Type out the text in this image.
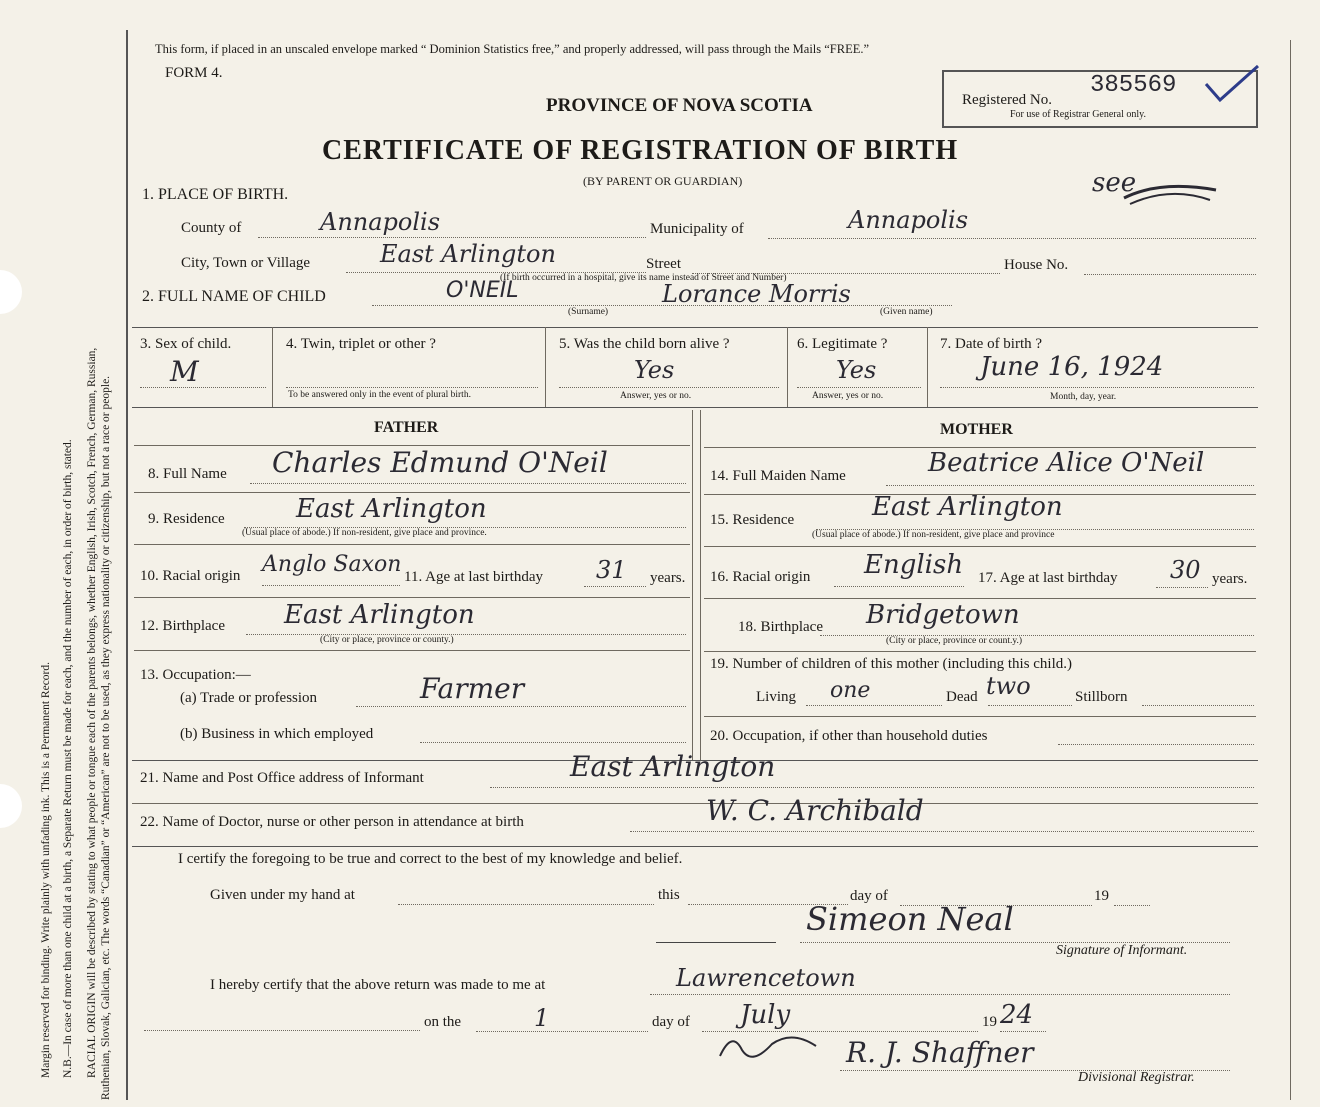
Margin reserved for binding. Write plainly with unfading ink. This is a Permanent Record. N.B.—In case of more than one child at a birth, a Separate Return must be made for each, and the number of each, in order of birth, stated. RACIAL ORIGIN will be described by stating to what people or tongue each of the parents belongs, whether English, Irish, Scotch, French, German, Russian, Ruthenian, Slovak, Galician, etc. The words “Canadian” or “American” are not to be used, as they express nationality or citizenship, but not a race or people.
This form, if placed in an unscaled envelope marked “ Dominion Statistics free,” and properly addressed, will pass through the Mails “FREE.”
FORM 4.
PROVINCE OF NOVA SCOTIA
CERTIFICATE OF REGISTRATION OF BIRTH
(BY PARENT OR GUARDIAN)
Registered No.
385569
For use of Registrar General only.
1. PLACE OF BIRTH.	see
County of	Annapolis	Municipality of	Annapolis
City, Town or Village	East Arlington	Street	House No.
(If birth occurred in a hospital, give its name instead of Street and Number)
2. FULL NAME OF CHILD	O'NEIL	Lorance Morris
(Surname)	(Given name)
3. Sex of child.
M
4. Twin, triplet or other ?
To be answered only in the event of plural birth.
5. Was the child born alive ?
Yes
Answer, yes or no.
6. Legitimate ?
Yes
Answer, yes or no.
7. Date of birth ?
June 16, 1924
Month, day, year.
FATHER	MOTHER
8. Full Name Charles Edmund O'Neil	14. Full Maiden Name	Beatrice Alice O'Neil
9. Residence	East Arlington
(Usual place of abode.) If non-resident, give place and province.
15. Residence	East Arlington
(Usual place of abode.) If non-resident, give place and province
10. Racial origin Anglo Saxon 11. Age at last birthday 31 years. 16. Racial origin English 17. Age at last birthday 30 years.
12. Birthplace East Arlington
(City or place, province or county.)
18. Birthplace Bridgetown
(City or place, province or count.y.)
13. Occupation:—
(a) Trade or profession	Farmer
(b) Business in which employed
19. Number of children of this mother (including this child.)
Living one	Dead two	Stillborn
20. Occupation, if other than household duties
21. Name and Post Office address of Informant	East Arlington
22. Name of Doctor, nurse or other person in attendance at birth	W. C. Archibald
I certify the foregoing to be true and correct to the best of my knowledge and belief.
Given under my hand at	this	day of	19
Simeon Neal
Signature of Informant.
I hereby certify that the above return was made to me at	Lawrencetown
on the	1	day of July	19 24
R. J. Shaffner
Divisional Registrar.
